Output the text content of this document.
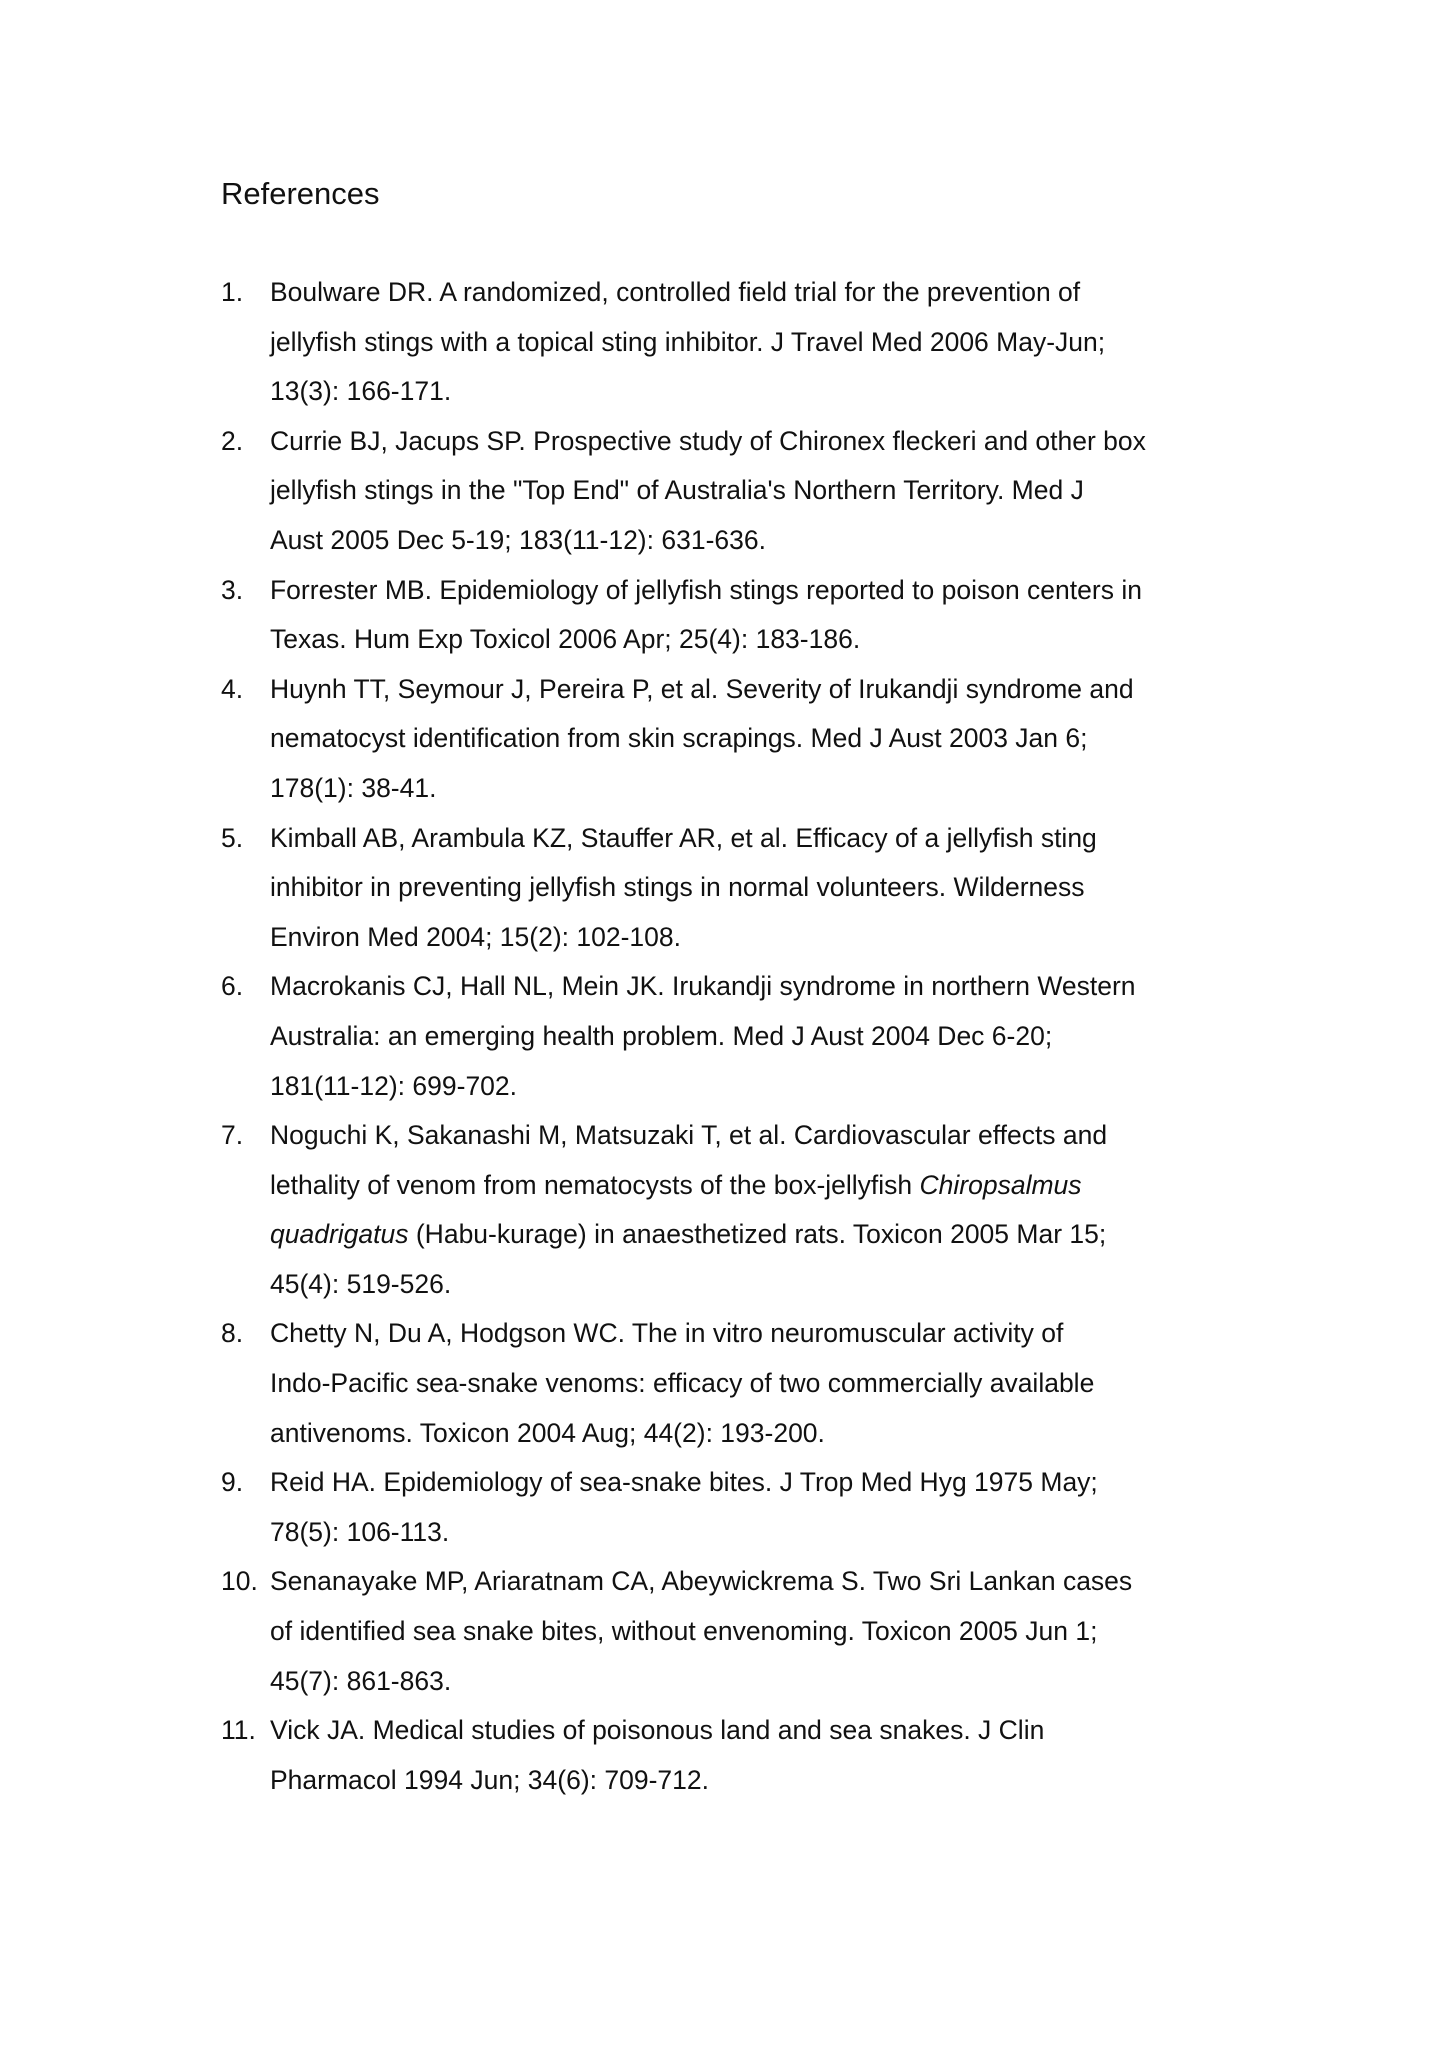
References
1. Boulware DR. A randomized, controlled field trial for the prevention of
jellyfish stings with a topical sting inhibitor. J Travel Med 2006 May-Jun;
13(3): 166-171.
2. Currie BJ, Jacups SP. Prospective study of Chironex fleckeri and other box
jellyfish stings in the "Top End" of Australia's Northern Territory. Med J
Aust 2005 Dec 5-19; 183(11-12): 631-636.
3. Forrester MB. Epidemiology of jellyfish stings reported to poison centers in
Texas. Hum Exp Toxicol 2006 Apr; 25(4): 183-186.
4. Huynh TT, Seymour J, Pereira P, et al. Severity of Irukandji syndrome and
nematocyst identification from skin scrapings. Med J Aust 2003 Jan 6;
178(1): 38-41.
5. Kimball AB, Arambula KZ, Stauffer AR, et al. Efficacy of a jellyfish sting
inhibitor in preventing jellyfish stings in normal volunteers. Wilderness
Environ Med 2004; 15(2): 102-108.
6. Macrokanis CJ, Hall NL, Mein JK. Irukandji syndrome in northern Western
Australia: an emerging health problem. Med J Aust 2004 Dec 6-20;
181(11-12): 699-702.
7. Noguchi K, Sakanashi M, Matsuzaki T, et al. Cardiovascular effects and
lethality of venom from nematocysts of the box-jellyfish Chiropsalmus
quadrigatus (Habu-kurage) in anaesthetized rats. Toxicon 2005 Mar 15;
45(4): 519-526.
8. Chetty N, Du A, Hodgson WC. The in vitro neuromuscular activity of
Indo-Pacific sea-snake venoms: efficacy of two commercially available
antivenoms. Toxicon 2004 Aug; 44(2): 193-200.
9. Reid HA. Epidemiology of sea-snake bites. J Trop Med Hyg 1975 May;
78(5): 106-113.
10. Senanayake MP, Ariaratnam CA, Abeywickrema S. Two Sri Lankan cases
of identified sea snake bites, without envenoming. Toxicon 2005 Jun 1;
45(7): 861-863.
11. Vick JA. Medical studies of poisonous land and sea snakes. J Clin
Pharmacol 1994 Jun; 34(6): 709-712.
